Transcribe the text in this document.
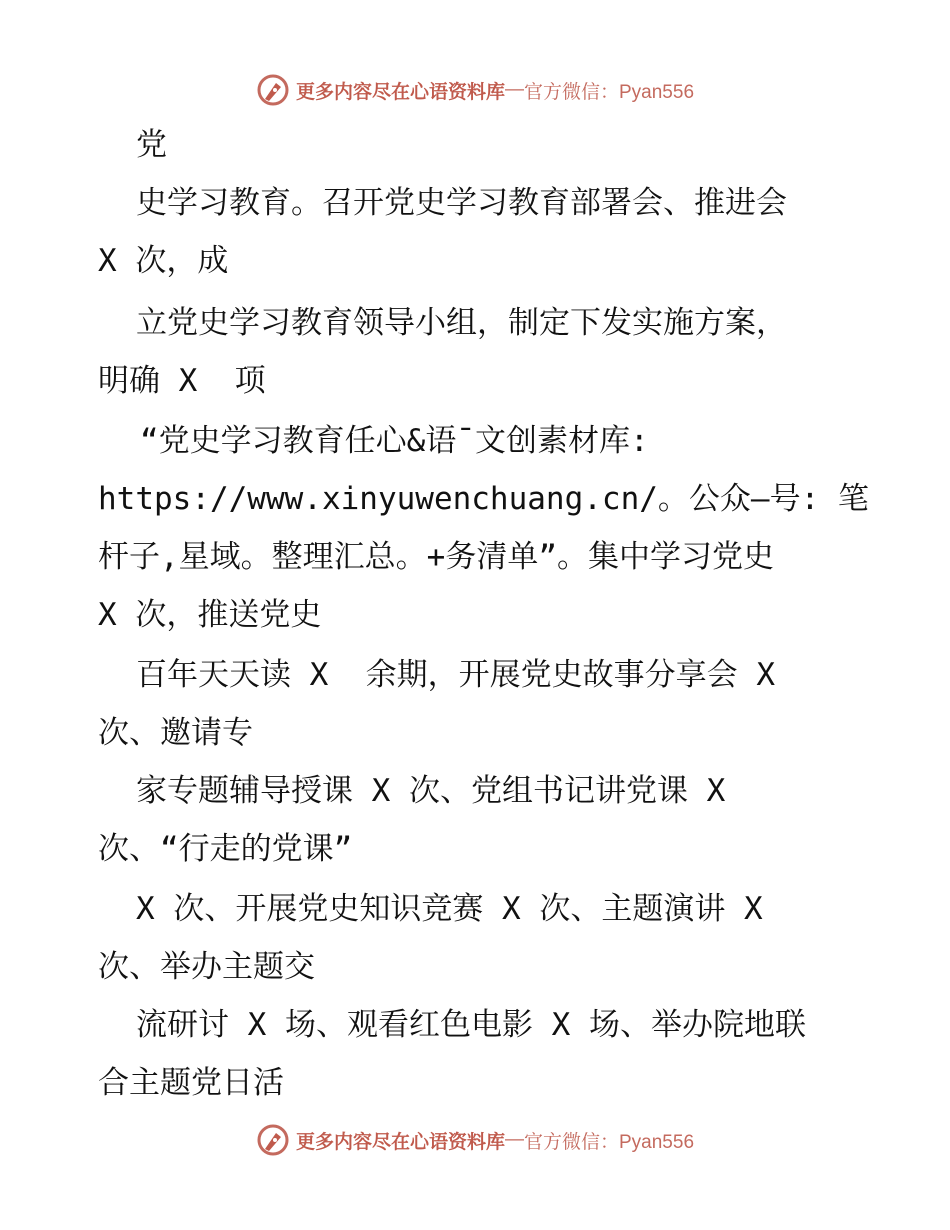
更多内容尽在心语资料库 — 官方微信：Pyan556
党
史学习教育。召开党史学习教育部署会、推进会
X 次，成
立党史学习教育领导小组，制定下发实施方案，
明确 X  项
“党史学习教育任心&语¯文创素材库:
https://www.xinyuwenchuang.cn/。公众—号: 笔
杆子,星域。整理汇总。+务清单”。集中学习党史
X 次，推送党史
百年天天读 X  余期，开展党史故事分享会 X
次、邀请专
家专题辅导授课 X 次、党组书记讲党课 X
次、“行走的党课”
X 次、开展党史知识竞赛 X 次、主题演讲 X
次、举办主题交
流研讨 X 场、观看红色电影 X 场、举办院地联
合主题党日活
更多内容尽在心语资料库 — 官方微信：Pyan556
